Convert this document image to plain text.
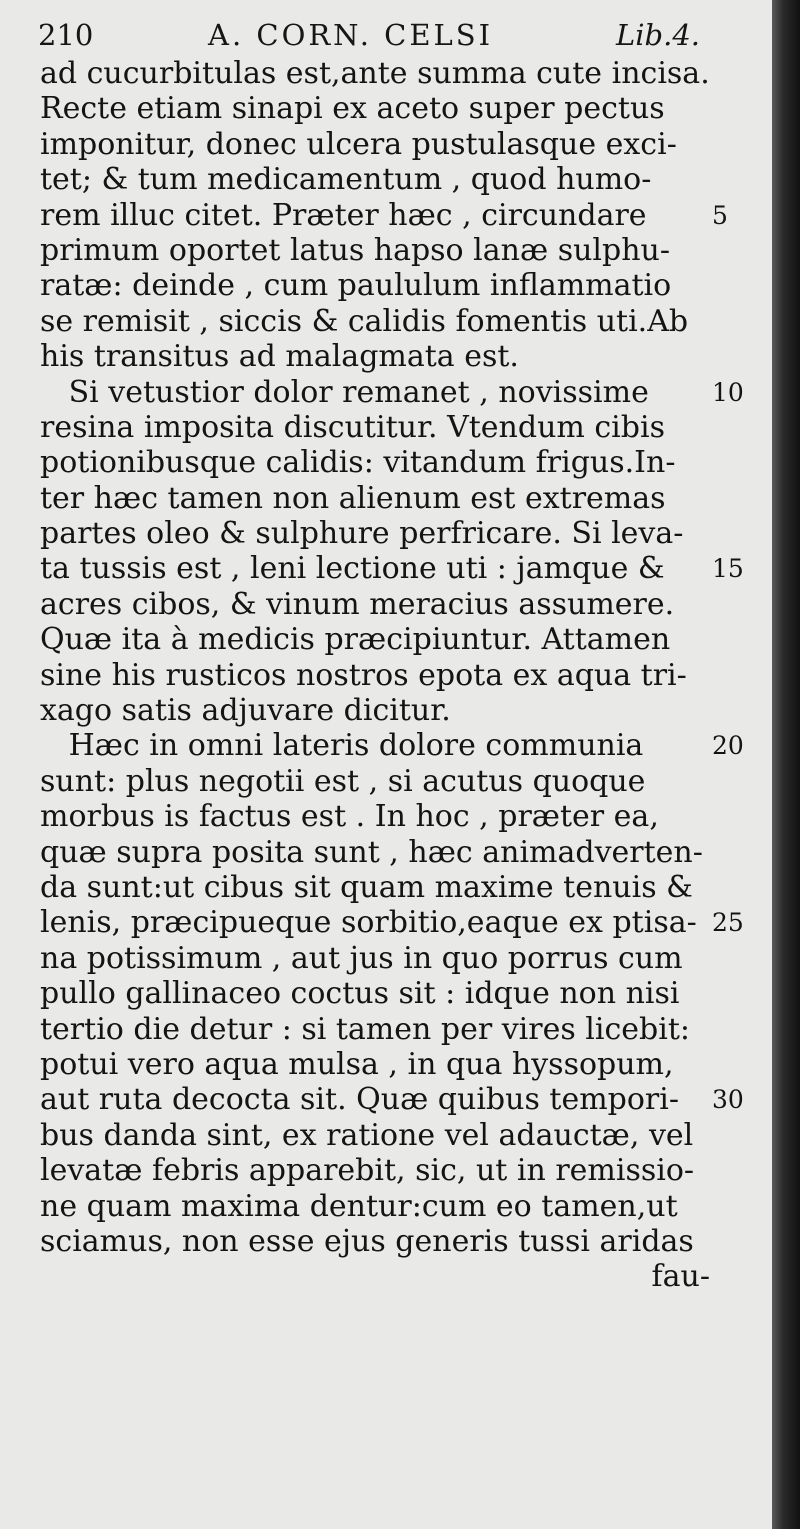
210	A. CORN. CELSI	Lib.4.
ad cucurbitulas est,ante summa cute incisa.
Recte etiam sinapi ex aceto super pectus
imponitur, donec ulcera pustulasque exci-
tet; & tum medicamentum , quod humo-
rem illuc citet. Præter hæc , circundare	5
primum oportet latus hapso lanæ sulphu-
ratæ: deinde , cum paululum inflammatio
se remisit , siccis & calidis fomentis uti.Ab
his transitus ad malagmata est.
Si vetustior dolor remanet , novissime	10
resina imposita discutitur. Vtendum cibis
potionibusque calidis: vitandum frigus.In-
ter hæc tamen non alienum est extremas
partes oleo & sulphure perfricare. Si leva-
ta tussis est , leni lectione uti : jamque & 15
acres cibos, & vinum meracius assumere.
Quæ ita à medicis præcipiuntur. Attamen
sine his rusticos nostros epota ex aqua tri-
xago satis adjuvare dicitur.
Hæc in omni lateris dolore communia	20
sunt: plus negotii est , si acutus quoque
morbus is factus est . In hoc , præter ea,
quæ supra posita sunt , hæc animadverten-
da sunt:ut cibus sit quam maxime tenuis &
lenis, præcipueque sorbitio,eaque ex ptisa- 25
na potissimum , aut jus in quo porrus cum
pullo gallinaceo coctus sit : idque non nisi
tertio die detur : si tamen per vires licebit:
potui vero aqua mulsa , in qua hyssopum,
aut ruta decocta sit. Quæ quibus tempori- 30
bus danda sint, ex ratione vel adauctæ, vel
levatæ febris apparebit, sic, ut in remissio-
ne quam maxima dentur:cum eo tamen,ut
sciamus, non esse ejus generis tussi aridas
fau-
